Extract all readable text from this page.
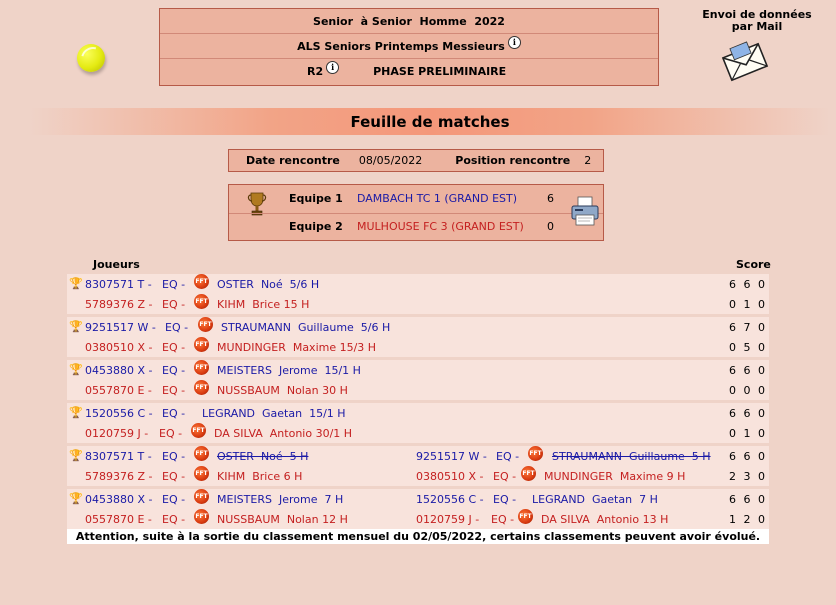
Senior  à Senior  Homme  2022
ALS Seniors Printemps Messieurs i
R2 i	PHASE PRELIMINAIRE
Envoi de données
par Mail
Feuille de matches
Date rencontre 08/05/2022	Position rencontre 2
Equipe 1 DAMBACH TC 1 (GRAND EST)	6
Equipe 2 MULHOUSE FC 3 (GRAND EST) 0
Joueurs	Score
🏆 8307571 T - EQ - FFT OSTER  Noé  5/6 H	6 6 0
5789376 Z - EQ - FFT KIHM  Brice 15 H	0 1 0
🏆 9251517 W - EQ - FFT STRAUMANN  Guillaume  5/6 H	6 7 0
0380510 X - EQ - FFT MUNDINGER  Maxime 15/3 H	0 5 0
🏆 0453880 X - EQ - FFT MEISTERS  Jerome  15/1 H	6 6 0
0557870 E - EQ - FFT NUSSBAUM  Nolan 30 H	0 0 0
🏆 1520556 C - EQ - LEGRAND  Gaetan  15/1 H	6 6 0
0120759 J - EQ - FFT DA SILVA  Antonio 30/1 H	0 1 0
🏆 8307571 T - EQ - FFT OSTER  Noé  5 H	9251517 W - EQ - FFT STRAUMANN  Guillaume  5 H 6 6 0
5789376 Z - EQ - FFT KIHM  Brice 6 H	0380510 X - EQ - FFT MUNDINGER  Maxime 9 H	2 3 0
🏆 0453880 X - EQ - FFT MEISTERS  Jerome  7 H	1520556 C - EQ - LEGRAND  Gaetan  7 H	6 6 0
0557870 E - EQ - FFT NUSSBAUM  Nolan 12 H	0120759 J - EQ - FFT DA SILVA  Antonio 13 H	1 2 0
Attention, suite à la sortie du classement mensuel du 02/05/2022, certains classements peuvent avoir évolué.
